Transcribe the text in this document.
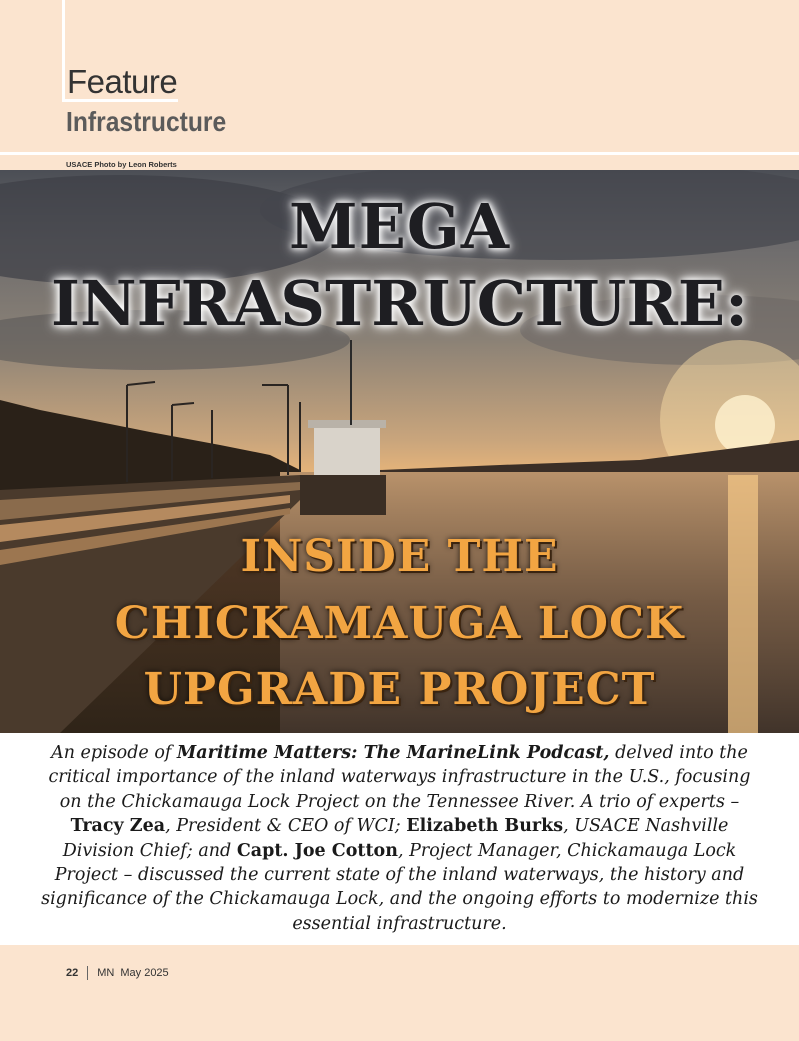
Feature
Infrastructure
USACE Photo by Leon Roberts
MEGA
INFRASTRUCTURE:
INSIDE THE
CHICKAMAUGA LOCK
UPGRADE PROJECT

An episode of Maritime Matters: The MarineLink Podcast, delved into the critical importance of the inland waterways infrastructure in the U.S., focusing on the Chickamauga Lock Project on the Tennessee River. A trio of experts – Tracy Zea, President & CEO of WCI; Elizabeth Burks, USACE Nashville Division Chief; and Capt. Joe Cotton, Project Manager, Chickamauga Lock Project – discussed the current state of the inland waterways, the history and significance of the Chickamauga Lock, and the ongoing efforts to modernize this essential infrastructure.

22 MN May 2025
